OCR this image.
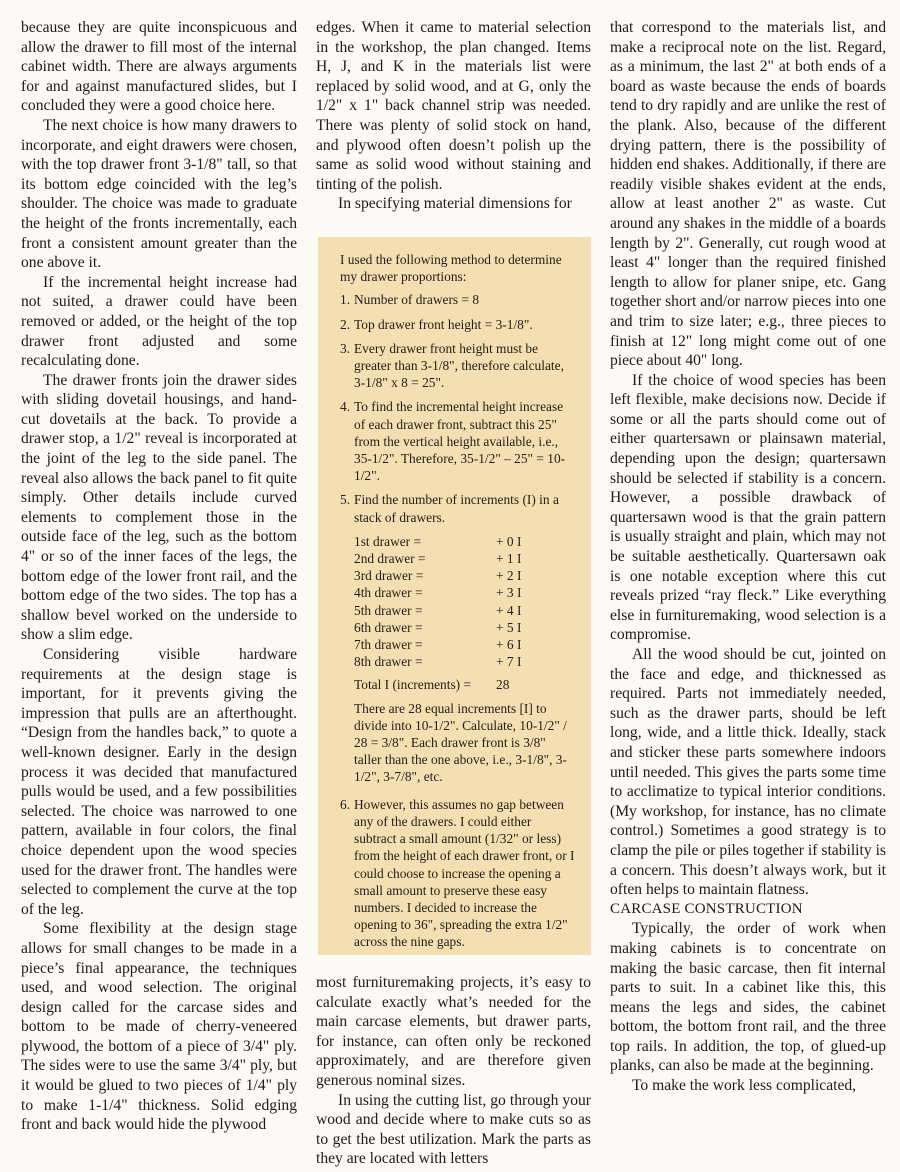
because they are quite inconspicuous and allow the drawer to fill most of the internal cabinet width. There are always arguments for and against manufactured slides, but I concluded they were a good choice here.

The next choice is how many drawers to incorporate, and eight drawers were chosen, with the top drawer front 3-1/8" tall, so that its bottom edge coincided with the leg’s shoulder. The choice was made to graduate the height of the fronts incrementally, each front a consistent amount greater than the one above it.

If the incremental height increase had not suited, a drawer could have been removed or added, or the height of the top drawer front adjusted and some recalculating done.

The drawer fronts join the drawer sides with sliding dovetail housings, and hand-cut dovetails at the back. To provide a drawer stop, a 1/2" reveal is incorporated at the joint of the leg to the side panel. The reveal also allows the back panel to fit quite simply. Other details include curved elements to complement those in the outside face of the leg, such as the bottom 4" or so of the inner faces of the legs, the bottom edge of the lower front rail, and the bottom edge of the two sides. The top has a shallow bevel worked on the underside to show a slim edge.

Considering visible hardware requirements at the design stage is important, for it prevents giving the impression that pulls are an afterthought. “Design from the handles back,” to quote a well-known designer. Early in the design process it was decided that manufactured pulls would be used, and a few possibilities selected. The choice was narrowed to one pattern, available in four colors, the final choice dependent upon the wood species used for the drawer front. The handles were selected to complement the curve at the top of the leg.

Some flexibility at the design stage allows for small changes to be made in a piece’s final appearance, the techniques used, and wood selection. The original design called for the carcase sides and bottom to be made of cherry-veneered plywood, the bottom of a piece of 3/4" ply. The sides were to use the same 3/4" ply, but it would be glued to two pieces of 1/4" ply to make 1-1/4" thickness. Solid edging front and back would hide the plywood

edges. When it came to material selection in the workshop, the plan changed. Items H, J, and K in the materials list were replaced by solid wood, and at G, only the 1/2" x 1" back channel strip was needed. There was plenty of solid stock on hand, and plywood often doesn’t polish up the same as solid wood without staining and tinting of the polish.

In specifying material dimensions for

I used the following method to determine my drawer proportions:

1. Number of drawers = 8
2. Top drawer front height = 3-1/8".
3. Every drawer front height must be greater than 3-1/8", therefore calculate, 3-1/8" x 8 = 25".
4. To find the incremental height increase of each drawer front, subtract this 25" from the vertical height available, i.e., 35-1/2". Therefore, 35-1/2" – 25" = 10-1/2".
5. Find the number of increments (I) in a stack of drawers.
1st drawer =	+ 0 I
2nd drawer =	+ 1 I
3rd drawer =	+ 2 I
4th drawer =	+ 3 I
5th drawer =	+ 4 I
6th drawer =	+ 5 I
7th drawer =	+ 6 I
8th drawer =	+ 7 I
Total I (increments) =	28

There are 28 equal increments [I] to divide into 10-1/2". Calculate, 10-1/2" / 28 = 3/8". Each drawer front is 3/8" taller than the one above, i.e., 3-1/8", 3-1/2", 3-7/8", etc.

6. However, this assumes no gap between any of the drawers. I could either subtract a small amount (1/32" or less) from the height of each drawer front, or I could choose to increase the opening a small amount to preserve these easy numbers. I decided to increase the opening to 36", spreading the extra 1/2" across the nine gaps.

most furnituremaking projects, it’s easy to calculate exactly what’s needed for the main carcase elements, but drawer parts, for instance, can often only be reckoned approximately, and are therefore given generous nominal sizes.

In using the cutting list, go through your wood and decide where to make cuts so as to get the best utilization. Mark the parts as they are located with letters

that correspond to the materials list, and make a reciprocal note on the list. Regard, as a minimum, the last 2" at both ends of a board as waste because the ends of boards tend to dry rapidly and are unlike the rest of the plank. Also, because of the different drying pattern, there is the possibility of hidden end shakes. Additionally, if there are readily visible shakes evident at the ends, allow at least another 2" as waste. Cut around any shakes in the middle of a boards length by 2". Generally, cut rough wood at least 4" longer than the required finished length to allow for planer snipe, etc. Gang together short and/or narrow pieces into one and trim to size later; e.g., three pieces to finish at 12" long might come out of one piece about 40" long.

If the choice of wood species has been left flexible, make decisions now. Decide if some or all the parts should come out of either quartersawn or plainsawn material, depending upon the design; quartersawn should be selected if stability is a concern. However, a possible drawback of quartersawn wood is that the grain pattern is usually straight and plain, which may not be suitable aesthetically. Quartersawn oak is one notable exception where this cut reveals prized “ray fleck.” Like everything else in furnituremaking, wood selection is a compromise.

All the wood should be cut, jointed on the face and edge, and thicknessed as required. Parts not immediately needed, such as the drawer parts, should be left long, wide, and a little thick. Ideally, stack and sticker these parts somewhere indoors until needed. This gives the parts some time to acclimatize to typical interior conditions. (My workshop, for instance, has no climate control.) Sometimes a good strategy is to clamp the pile or piles together if stability is a concern. This doesn’t always work, but it often helps to maintain flatness.

CARCASE CONSTRUCTION

Typically, the order of work when making cabinets is to concentrate on making the basic carcase, then fit internal parts to suit. In a cabinet like this, this means the legs and sides, the cabinet bottom, the bottom front rail, and the three top rails. In addition, the top, of glued-up planks, can also be made at the beginning.

To make the work less complicated,
